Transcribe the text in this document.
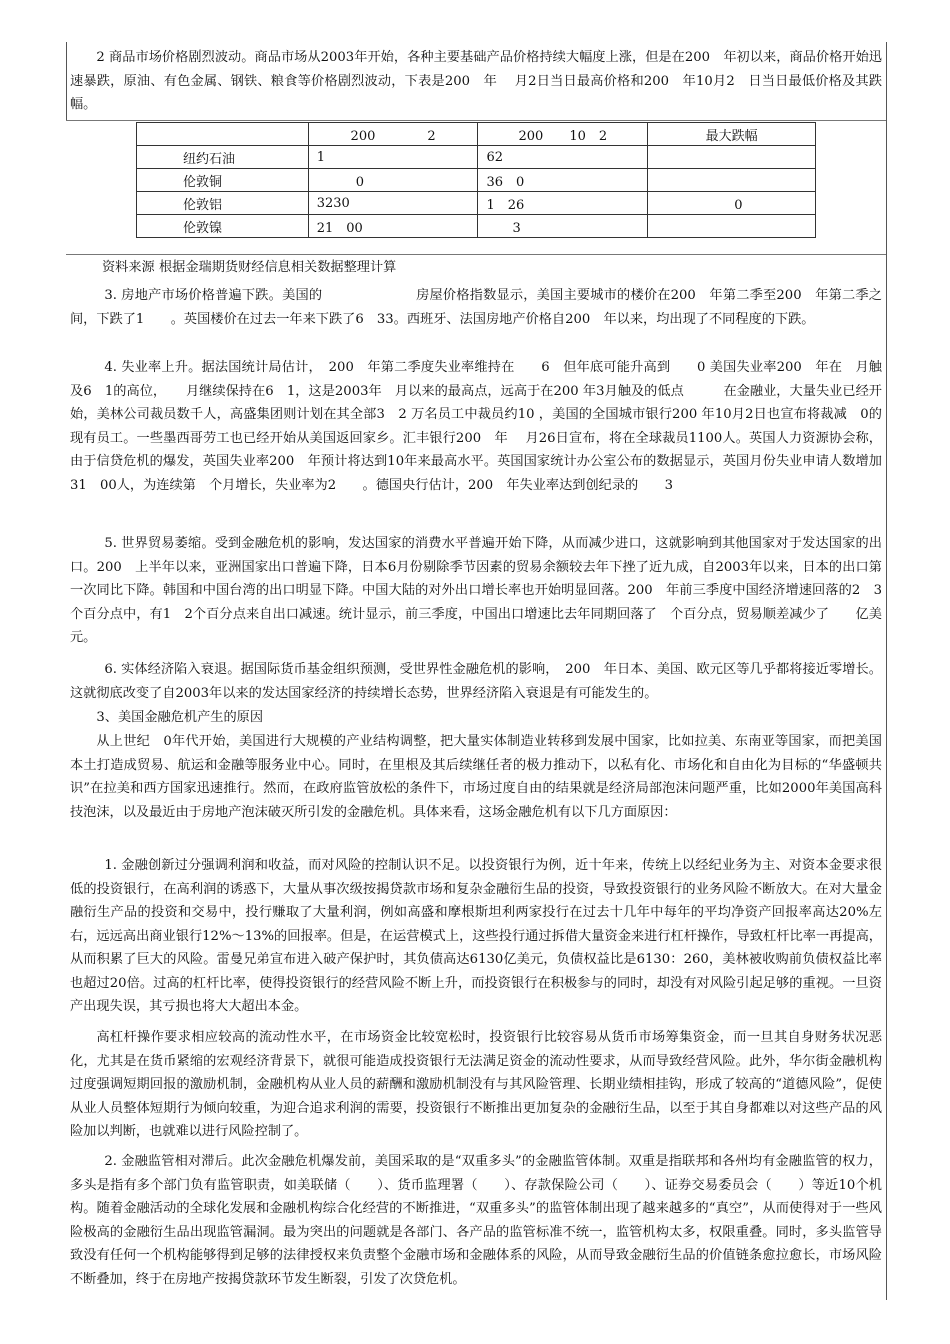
2 商品市场价格剧烈波动。商品市场从2003年开始，各种主要基础产品价格持续大幅度上涨，但是在200　年初以来，商品价格开始迅速暴跌，原油、有色金属、钢铁、粮食等价格剧烈波动，下表是200　年　 月2日当日最高价格和200　年10月2　日当日最低价格及其跌幅。

	200　　　　2	200　　10　2	最大跌幅
纽约石油	1	62	
伦敦铜	　　　0	36　0	
伦敦铝	3230	1　26	　　　　　　0
伦敦镍	21　00	　　3	
资料来源 根据金瑞期货财经信息相关数据整理计算

3. 房地产市场价格普遍下跌。美国的　　　　　　　房屋价格指数显示，美国主要城市的楼价在200　年第二季至200　年第二季之间，下跌了1　　。英国楼价在过去一年来下跌了6　33。西班牙、法国房地产价格自200　年以来，均出现了不同程度的下跌。

4. 失业率上升。据法国统计局估计，　200　年第二季度失业率维持在　　6　但年底可能升高到　　0 美国失业率200　年在　月触及6　1的高位，　　月继续保持在6　1，这是2003年　月以来的最高点，远高于在200 年3月触及的低点　　　在金融业，大量失业已经开始，美林公司裁员数千人，高盛集团则计划在其全部3　2 万名员工中裁员约10 ，美国的全国城市银行200 年10月2日也宣布将裁减　0的现有员工。一些墨西哥劳工也已经开始从美国返回家乡。汇丰银行200　年　 月26日宣布，将在全球裁员1100人。英国人力资源协会称，由于信贷危机的爆发，英国失业率200　年预计将达到10年来最高水平。英国国家统计办公室公布的数据显示，英国月份失业申请人数增加31　00人，为连续第　个月增长，失业率为2　　。德国央行估计，200　年失业率达到创纪录的　　3

5. 世界贸易萎缩。受到金融危机的影响，发达国家的消费水平普遍开始下降，从而减少进口，这就影响到其他国家对于发达国家的出口。200　上半年以来，亚洲国家出口普遍下降，日本6月份剔除季节因素的贸易余额较去年下挫了近九成，自2003年以来，日本的出口第一次同比下降。韩国和中国台湾的出口明显下降。中国大陆的对外出口增长率也开始明显回落。200　年前三季度中国经济增速回落的2　3个百分点中，有1　2个百分点来自出口减速。统计显示，前三季度，中国出口增速比去年同期回落了　个百分点，贸易顺差减少了　　亿美元。

6. 实体经济陷入衰退。据国际货币基金组织预测，受世界性金融危机的影响，　200　年日本、美国、欧元区等几乎都将接近零增长。这就彻底改变了自2003年以来的发达国家经济的持续增长态势，世界经济陷入衰退是有可能发生的。

3、美国金融危机产生的原因

从上世纪　0年代开始，美国进行大规模的产业结构调整，把大量实体制造业转移到发展中国家，比如拉美、东南亚等国家，而把美国本土打造成贸易、航运和金融等服务业中心。同时，在里根及其后续继任者的极力推动下，以私有化、市场化和自由化为目标的“华盛顿共识”在拉美和西方国家迅速推行。然而，在政府监管放松的条件下，市场过度自由的结果就是经济局部泡沫问题严重，比如2000年美国高科技泡沫，以及最近由于房地产泡沫破灭所引发的金融危机。具体来看，这场金融危机有以下几方面原因：

1. 金融创新过分强调利润和收益，而对风险的控制认识不足。以投资银行为例，近十年来，传统上以经纪业务为主、对资本金要求很低的投资银行，在高利润的诱惑下，大量从事次级按揭贷款市场和复杂金融衍生品的投资，导致投资银行的业务风险不断放大。在对大量金融衍生产品的投资和交易中，投行赚取了大量利润，例如高盛和摩根斯坦利两家投行在过去十几年中每年的平均净资产回报率高达20%左右，远远高出商业银行12%～13%的回报率。但是，在运营模式上，这些投行通过拆借大量资金来进行杠杆操作，导致杠杆比率一再提高，从而积累了巨大的风险。雷曼兄弟宣布进入破产保护时，其负债高达6130亿美元，负债权益比是6130：260，美林被收购前负债权益比率也超过20倍。过高的杠杆比率，使得投资银行的经营风险不断上升，而投资银行在积极参与的同时，却没有对风险引起足够的重视。一旦资产出现失误，其亏损也将大大超出本金。

高杠杆操作要求相应较高的流动性水平，在市场资金比较宽松时，投资银行比较容易从货币市场筹集资金，而一旦其自身财务状况恶化，尤其是在货币紧缩的宏观经济背景下，就很可能造成投资银行无法满足资金的流动性要求，从而导致经营风险。此外，华尔街金融机构过度强调短期回报的激励机制，金融机构从业人员的薪酬和激励机制没有与其风险管理、长期业绩相挂钩，形成了较高的“道德风险”，促使从业人员整体短期行为倾向较重，为迎合追求利润的需要，投资银行不断推出更加复杂的金融衍生品，以至于其自身都难以对这些产品的风险加以判断，也就难以进行风险控制了。

2. 金融监管相对滞后。此次金融危机爆发前，美国采取的是“双重多头”的金融监管体制。双重是指联邦和各州均有金融监管的权力，多头是指有多个部门负有监管职责，如美联储（　　）、货币监理署（　　）、存款保险公司（　　）、证券交易委员会（　　）等近10个机构。随着金融活动的全球化发展和金融机构综合化经营的不断推进，“双重多头”的监管体制出现了越来越多的“真空”，从而使得对于一些风险极高的金融衍生品出现监管漏洞。最为突出的问题就是各部门、各产品的监管标准不统一，监管机构太多，权限重叠。同时，多头监管导致没有任何一个机构能够得到足够的法律授权来负责整个金融市场和金融体系的风险，从而导致金融衍生品的价值链条愈拉愈长，市场风险不断叠加，终于在房地产按揭贷款环节发生断裂，引发了次贷危机。
